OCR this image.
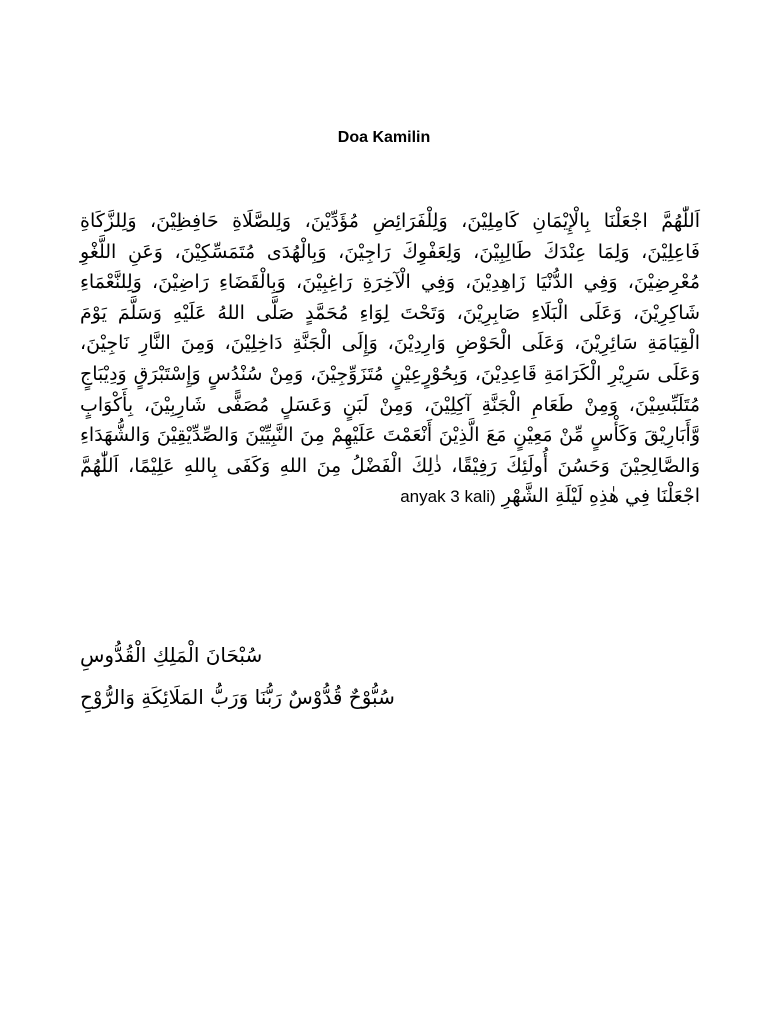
Doa Kamilin
اَللّٰهُمَّ اجْعَلْنَا بِالْإِيْمَانِ كَامِلِيْنَ، وَلِلْفَرَائِضِ مُؤَدِّيْنَ، وَلِلصَّلَاةِ حَافِظِيْنَ، وَلِلزَّكَاةِ فَاعِلِيْنَ، وَلِمَا عِنْدَكَ طَالِبِيْنَ، وَلِعَفْوِكَ رَاجِيْنَ، وَبِالْهُدَى مُتَمَسِّكِيْنَ، وَعَنِ اللَّغْوِ مُعْرِضِيْنَ، وَفِي الدُّنْيَا زَاهِدِيْنَ، وَفِي الْآخِرَةِ رَاغِبِيْنَ، وَبِالْقَضَاءِ رَاضِيْنَ، وَلِلنَّعْمَاءِ شَاكِرِيْنَ، وَعَلَى الْبَلَاءِ صَابِرِيْنَ، وَتَحْتَ لِوَاءِ مُحَمَّدٍ صَلَّى اللهُ عَلَيْهِ وَسَلَّمَ يَوْمَ الْقِيَامَةِ سَائِرِيْنَ، وَعَلَى الْحَوْضِ وَارِدِيْنَ، وَإِلَى الْجَنَّةِ دَاخِلِيْنَ، وَمِنَ النَّارِ نَاجِيْنَ، وَعَلَى سَرِيْرِ الْكَرَامَةِ قَاعِدِيْنَ، وَبِحُوْرٍعِيْنٍ مُتَزَوِّجِيْنَ، وَمِنْ سُنْدُسٍ وَإِسْتَبْرَقٍ وَدِيْبَاجٍ مُتَلَبِّسِيْنَ، وَمِنْ طَعَامِ الْجَنَّةِ آكِلِيْنَ، وَمِنْ لَبَنٍ وَعَسَلٍ مُصَفًّى شَارِبِيْنَ، بِأَكْوَابٍ وَّأَبَارِيْقَ وَكَأْسٍ مِّنْ مَعِيْنٍ مَعَ الَّذِيْنَ أَنْعَمْتَ عَلَيْهِمْ مِنَ النَّبِيِّيْنَ وَالصِّدِّيْقِيْنَ وَالشُّهَدَاءِ وَالصَّالِحِيْنَ وَحَسُنَ أُولَئِكَ رَفِيْقًا، ذٰلِكَ الْفَضْلُ مِنَ اللهِ وَكَفَى بِاللهِ عَلِيْمًا، اَللّٰهُمَّ اجْعَلْنَا فِي هٰذِهِ لَيْلَةِ الشَّهْرِ anyak 3 kali)
سُبْحَانَ الْمَلِكِ الْقُدُّوسِ
سُبُّوْحٌ قُدُّوْسٌ رَبُّنَا وَرَبُّ المَلَائِكَةِ وَالرُّوْحِ
